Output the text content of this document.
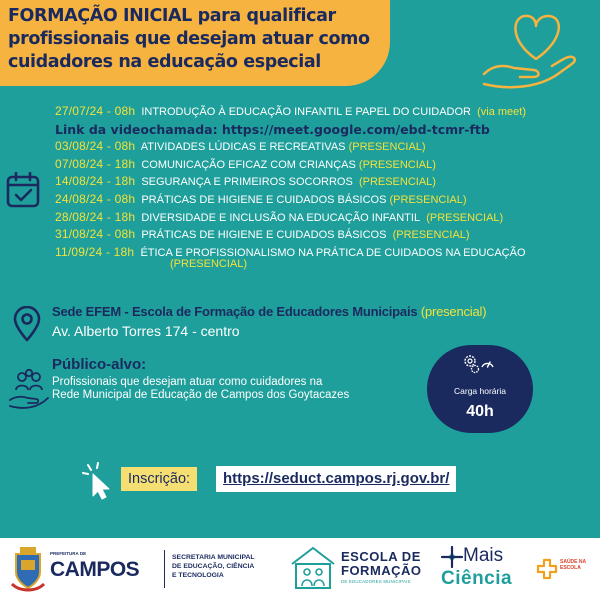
FORMAÇÃO INICIAL para qualificar
profissionais que desejam atuar como
cuidadores na educação especial
27/07/24 - 08h INTRODUÇÃO À EDUCAÇÃO INFANTIL E PAPEL DO CUIDADOR (via meet)
Link da videochamada: https://meet.google.com/ebd-tcmr-ftb
03/08/24 - 08h ATIVIDADES LÚDICAS E RECREATIVAS (PRESENCIAL)
07/08/24 - 18h COMUNICAÇÃO EFICAZ COM CRIANÇAS (PRESENCIAL)
14/08/24 - 18h SEGURANÇA E PRIMEIROS SOCORROS (PRESENCIAL)
24/08/24 - 08h PRÁTICAS DE HIGIENE E CUIDADOS BÁSICOS (PRESENCIAL)
28/08/24 - 18h DIVERSIDADE E INCLUSÃO NA EDUCAÇÃO INFANTIL (PRESENCIAL)
31/08/24 - 08h PRÁTICAS DE HIGIENE E CUIDADOS BÁSICOS (PRESENCIAL)
11/09/24 - 18h ÉTICA E PROFISSIONALISMO NA PRÁTICA DE CUIDADOS NA EDUCAÇÃO
(PRESENCIAL)
Sede EFEM - Escola de Formação de Educadores Municipais (presencial)
Av. Alberto Torres 174 - centro
Público-alvo:
Profissionais que desejam atuar como cuidadores na Rede Municipal de Educação de Campos dos Goytacazes	Carga horária
40h
Inscrição:	https://seduct.campos.rj.gov.br/
PREFEITURA DE
CAMPOS
SECRETARIA MUNICIPAL
DE EDUCAÇÃO, CIÊNCIA
E TECNOLOGIA
ESCOLA DE
FORMAÇÃO
DE EDUCADORES MUNICIPAIS
Mais
Ciência
SAÚDE NA
ESCOLA
